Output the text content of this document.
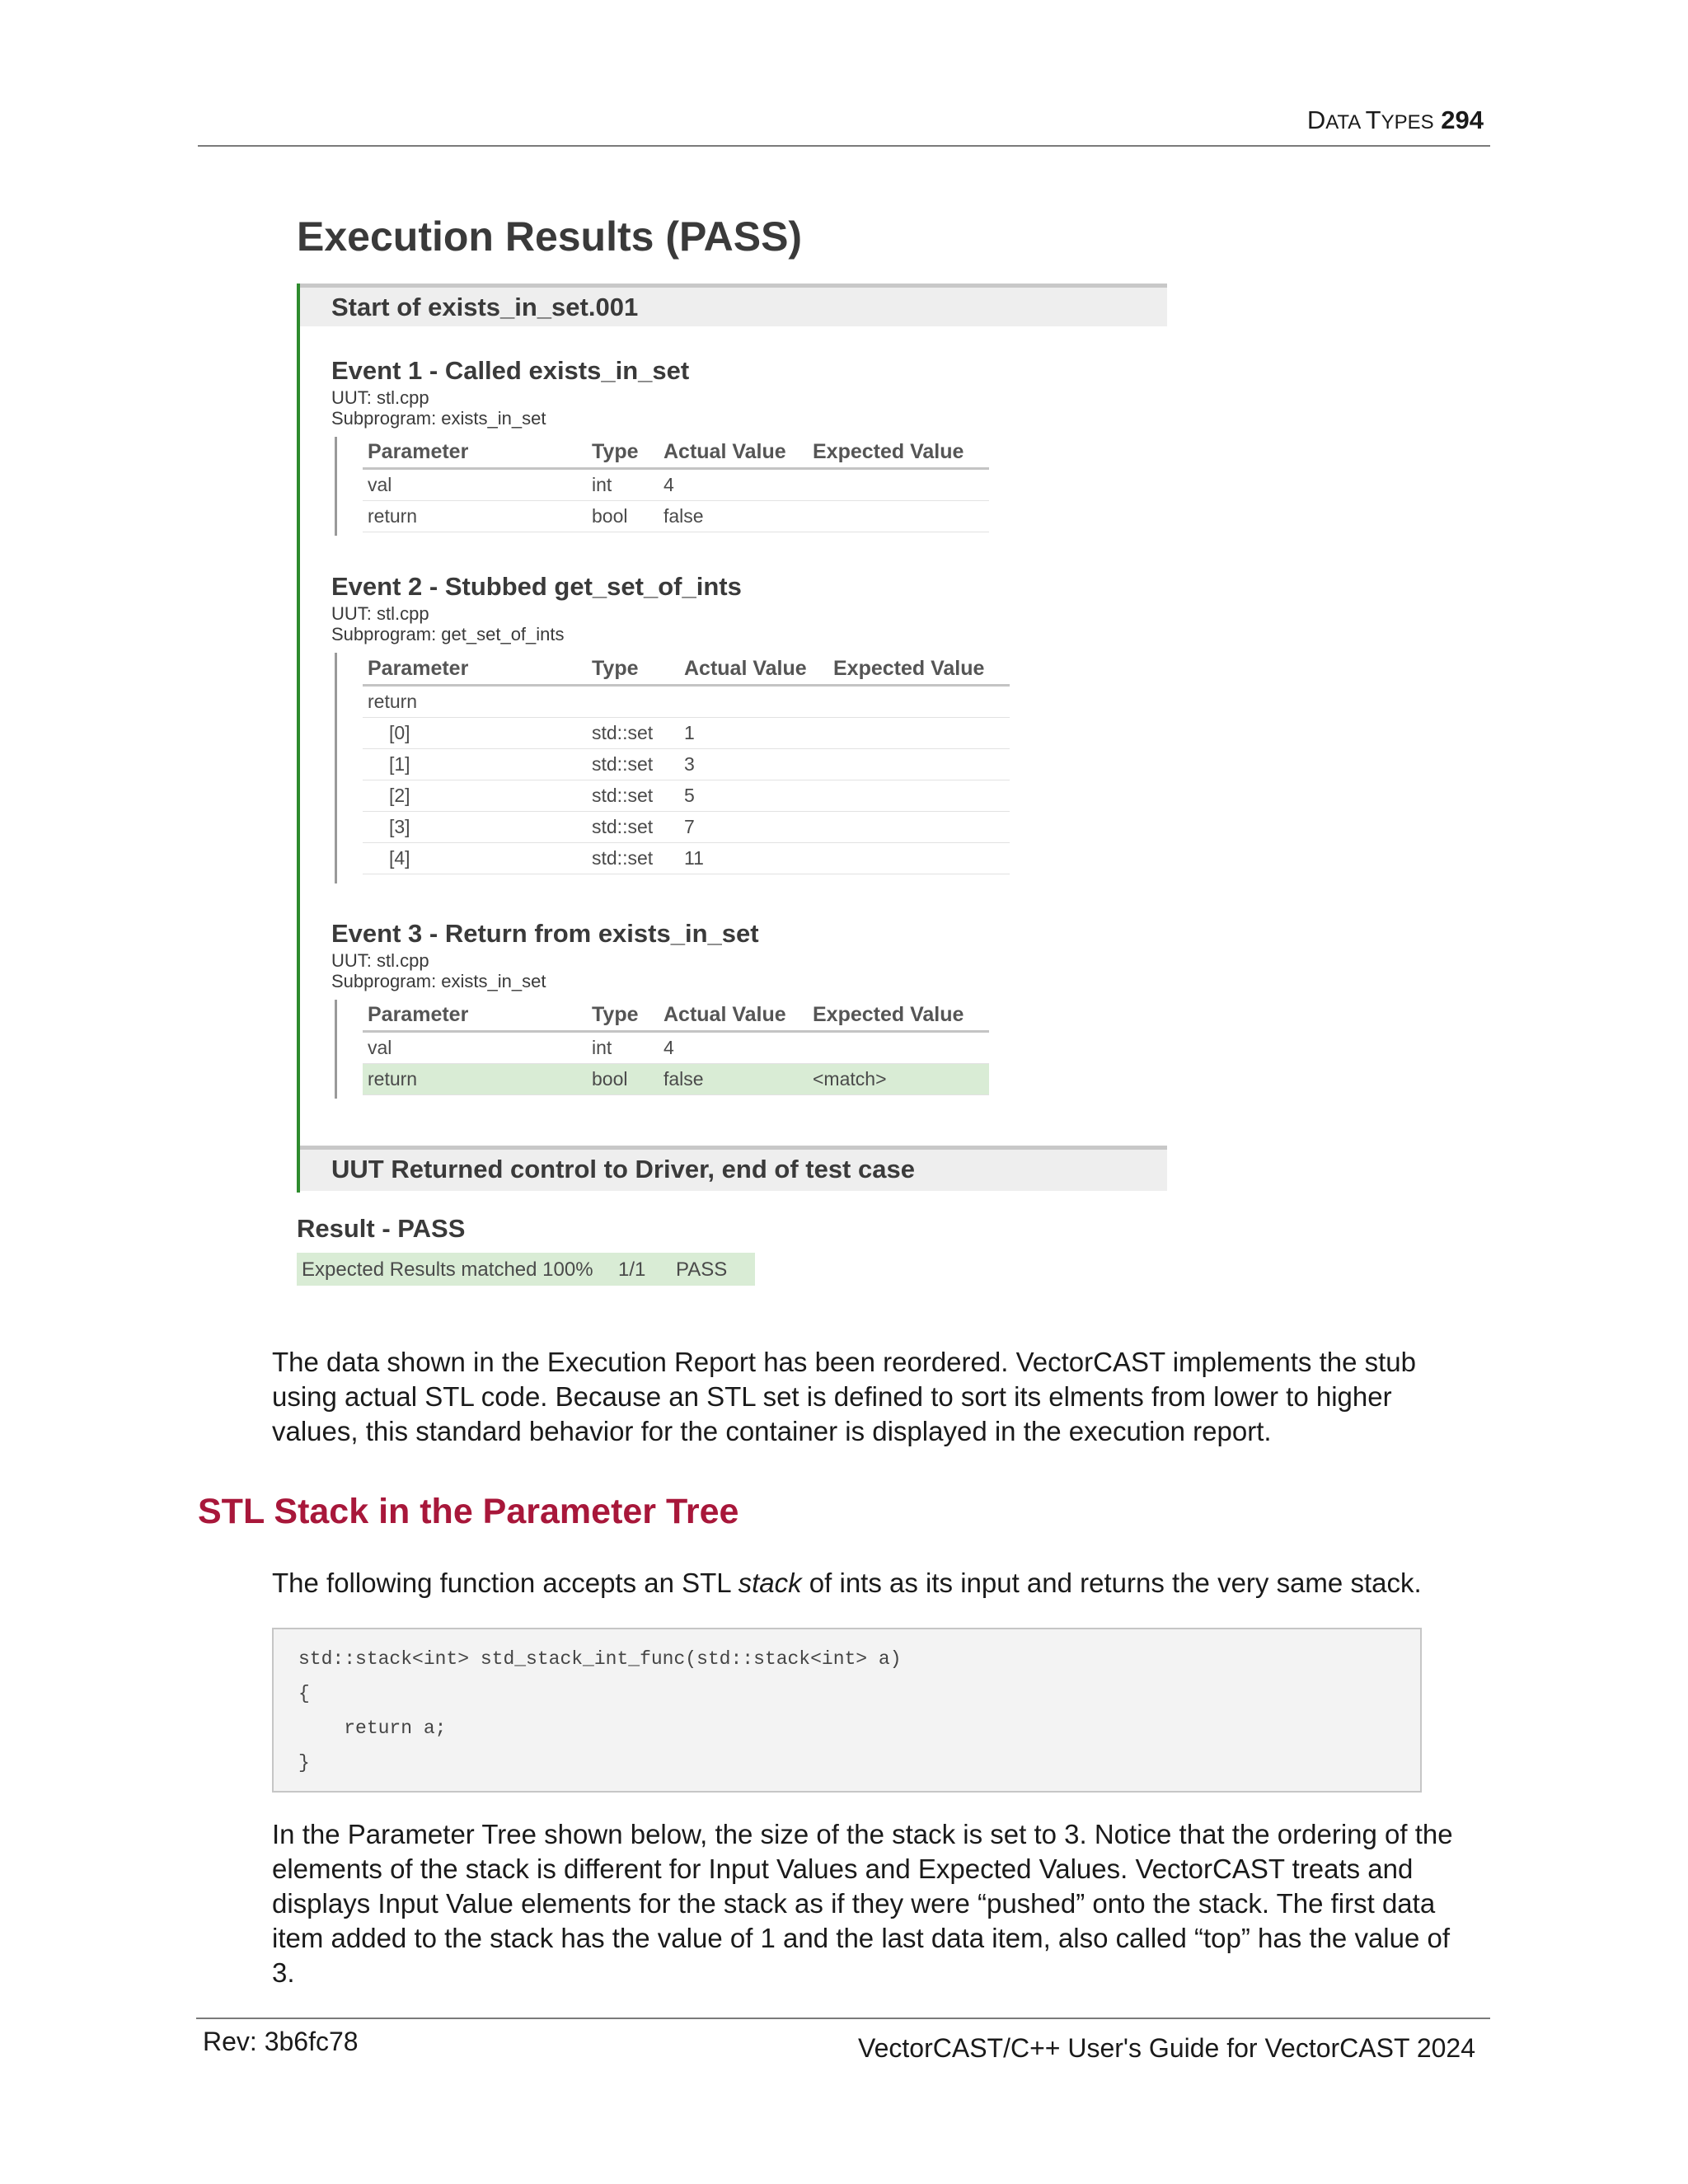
DATA TYPES 294
Execution Results (PASS)
Start of exists_in_set.001
Event 1 - Called exists_in_set
UUT: stl.cpp
Subprogram: exists_in_set
Parameter	Type	Actual Value	Expected Value
val	int	4	
return	bool	false	
Event 2 - Stubbed get_set_of_ints
UUT: stl.cpp
Subprogram: get_set_of_ints
Parameter	Type	Actual Value	Expected Value
return			
[0]	std::set	1	
[1]	std::set	3	
[2]	std::set	5	
[3]	std::set	7	
[4]	std::set	11	
Event 3 - Return from exists_in_set
UUT: stl.cpp
Subprogram: exists_in_set
Parameter	Type	Actual Value	Expected Value
val	int	4	
return	bool	false	<match>
UUT Returned control to Driver, end of test case
Result - PASS
Expected Results matched 100% 1/1 PASS
The data shown in the Execution Report has been reordered. VectorCAST implements the stub using actual STL code. Because an STL set is defined to sort its elments from lower to higher values, this standard behavior for the container is displayed in the execution report.
STL Stack in the Parameter Tree
The following function accepts an STL stack of ints as its input and returns the very same stack.
std::stack<int> std_stack_int_func(std::stack<int> a)
{
return a;
}
In the Parameter Tree shown below, the size of the stack is set to 3. Notice that the ordering of the elements of the stack is different for Input Values and Expected Values. VectorCAST treats and displays Input Value elements for the stack as if they were “pushed” onto the stack. The first data item added to the stack has the value of 1 and the last data item, also called “top” has the value of 3.
Rev: 3b6fc78	VectorCAST/C++ User's Guide for VectorCAST 2024
